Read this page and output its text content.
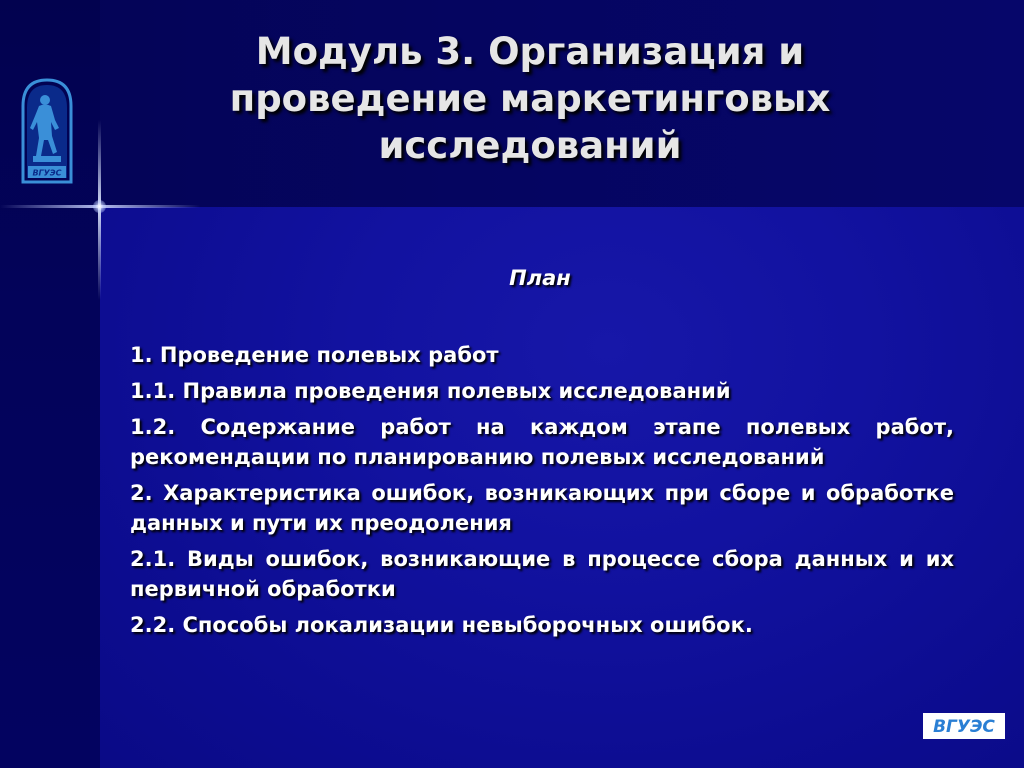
ВГУЭС
Модуль 3. Организация и проведение маркетинговых исследований
План
1. Проведение полевых работ
1.1. Правила проведения полевых исследований
1.2. Содержание работ на каждом этапе полевых работ, рекомендации по планированию полевых исследований
2. Характеристика ошибок, возникающих при сборе и обработке данных и пути их преодоления
2.1. Виды ошибок, возникающие в процессе сбора данных и их первичной обработки
2.2. Способы локализации невыборочных ошибок.
ВГУЭС
